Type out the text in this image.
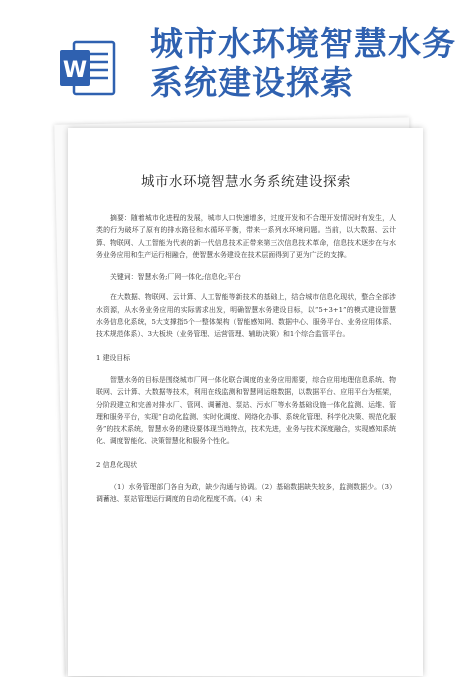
W
城市水环境智慧水务系统建设探索
城市水环境智慧水务系统建设探索

摘要：随着城市化进程的发展，城市人口快速增多，过度开发和不合理开发情况时有发生，人类的行为破坏了原有的排水路径和水循环平衡，带来一系列水环境问题。当前，以大数据、云计算、物联网、人工智能为代表的新一代信息技术正带来第三次信息技术革命，信息技术逐步在与水务业务应用和生产运行相融合，使智慧水务建设在技术层面得到了更为广泛的支撑。

关键词：智慧水务;厂网一体化;信息化;平台

在大数据、物联网、云计算、人工智能等新技术的基础上，结合城市信息化现状，整合全部涉水资源，从水务业务应用的实际需求出发，明确智慧水务建设目标，以“5+3+1”的模式建设智慧水务信息化系统，5大支撑指5个一整体架构（智能感知网、数据中心、服务平台、业务应用体系、技术规范体系）、3大板块（业务管理、运营管理、辅助决策）和1个综合监管平台。

1 建设目标

智慧水务的目标是围绕城市厂网一体化联合调度的业务应用需要，综合应用地理信息系统、物联网、云计算、大数据等技术，利用在线监测和智慧网运维数据，以数据平台、应用平台为框架，分阶段建立和完善对排水厂、管网、调蓄池、泵站、污水厂等水务基础设施一体化监测、运维、管理和服务平台，实现“自动化监测、实时化调度、网络化办事、系统化管理、科学化决策、规范化服务”的技术系统，智慧水务的建设要体现当地特点，技术先进，业务与技术深度融合，实现感知系统化、调度智能化、决策智慧化和服务个性化。

2 信息化现状

（1）水务管理部门各自为政，缺少沟通与协调。（2）基础数据缺失较多，监测数据少。（3）调蓄池、泵站管理运行调度的自动化程度不高。（4）未
